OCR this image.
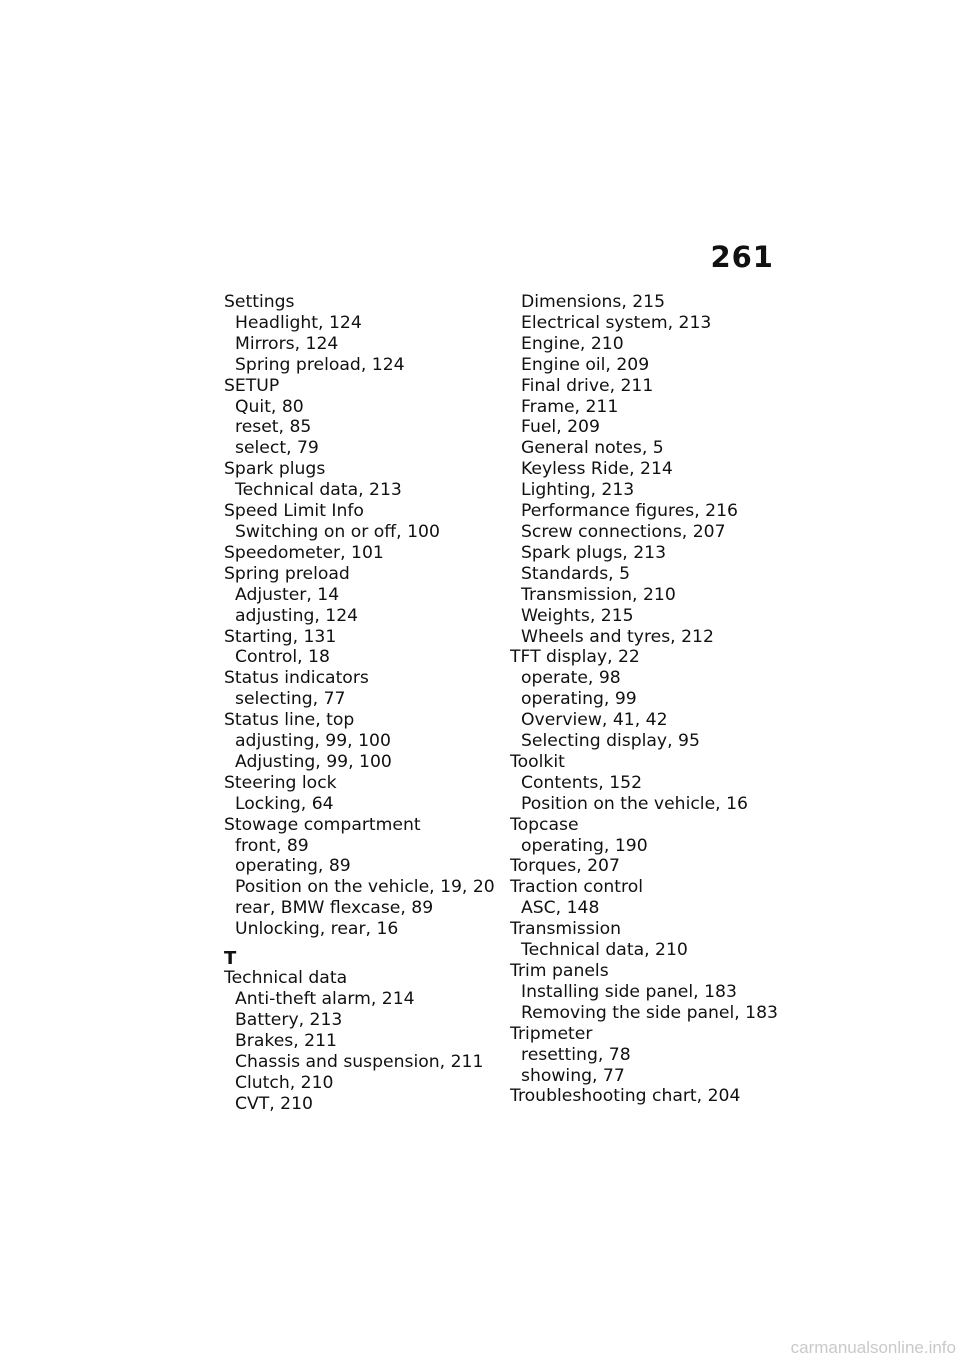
261
Settings
Headlight, 124
Mirrors, 124
Spring preload, 124
SETUP
Quit, 80
reset, 85
select, 79
Spark plugs
Technical data, 213
Speed Limit Info
Switching on or off, 100
Speedometer, 101
Spring preload
Adjuster, 14
adjusting, 124
Starting, 131
Control, 18
Status indicators
selecting, 77
Status line, top
adjusting, 99, 100
Adjusting, 99, 100
Steering lock
Locking, 64
Stowage compartment
front, 89
operating, 89
Position on the vehicle, 19, 20
rear, BMW flexcase, 89
Unlocking, rear, 16
T
Technical data
Anti-theft alarm, 214
Battery, 213
Brakes, 211
Chassis and suspension, 211
Clutch, 210
CVT, 210
Dimensions, 215
Electrical system, 213
Engine, 210
Engine oil, 209
Final drive, 211
Frame, 211
Fuel, 209
General notes, 5
Keyless Ride, 214
Lighting, 213
Performance figures, 216
Screw connections, 207
Spark plugs, 213
Standards, 5
Transmission, 210
Weights, 215
Wheels and tyres, 212
TFT display, 22
operate, 98
operating, 99
Overview, 41, 42
Selecting display, 95
Toolkit
Contents, 152
Position on the vehicle, 16
Topcase
operating, 190
Torques, 207
Traction control
ASC, 148
Transmission
Technical data, 210
Trim panels
Installing side panel, 183
Removing the side panel, 183
Tripmeter
resetting, 78
showing, 77
Troubleshooting chart, 204
carmanualsonline.info
